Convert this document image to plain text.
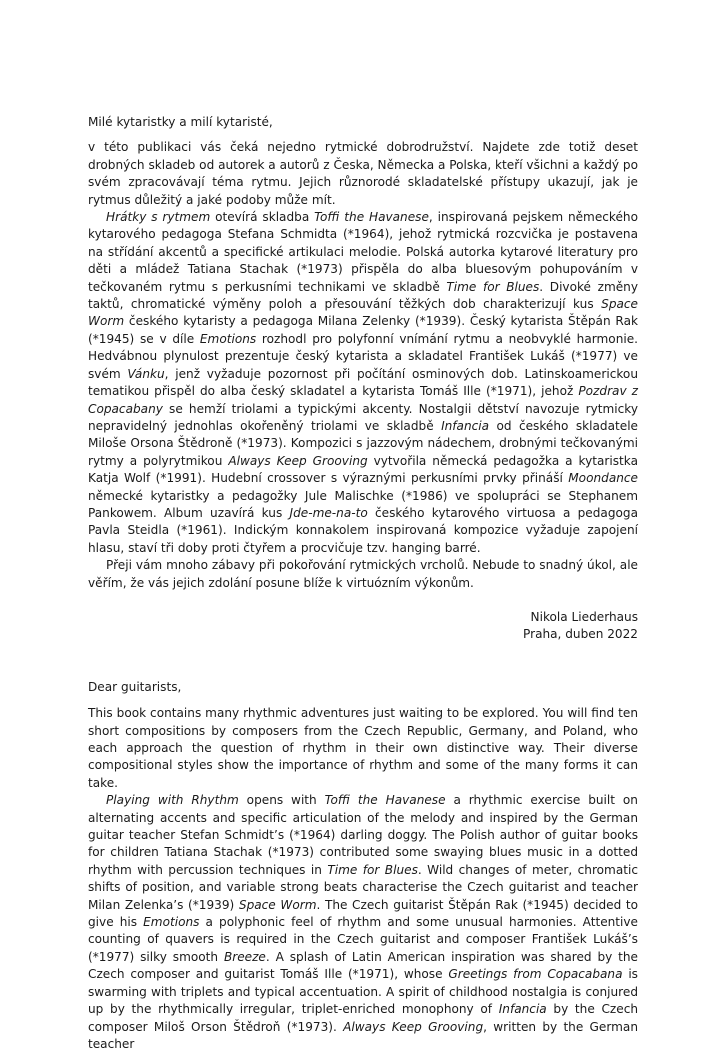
Milé kytaristky a milí kytaristé,

v této publikaci vás čeká nejedno rytmické dobrodružství. Najdete zde totiž deset drobných skladeb od autorek a autorů z Česka, Německa a Polska, kteří všichni a každý po svém zpracovávají téma rytmu. Jejich různorodé skladatelské přístupy ukazují, jak je rytmus důležitý a jaké podoby může mít.

Hrátky s rytmem otevírá skladba Toffi the Havanese, inspirovaná pejskem německého kytarového pedagoga Stefana Schmidta (*1964), jehož rytmická rozcvička je postavena na střídání akcentů a specifické artikulaci melodie. Polská autorka kytarové literatury pro děti a mládež Tatiana Stachak (*1973) přispěla do alba bluesovým pohupováním v tečkovaném rytmu s perkusními technikami ve skladbě Time for Blues. Divoké změny taktů, chromatické výměny poloh a přesouvání těžkých dob charakterizují kus Space Worm českého kytaristy a pedagoga Milana Zelenky (*1939). Český kytarista Štěpán Rak (*1945) se v díle Emotions rozhodl pro polyfonní vnímání rytmu a neobvyklé harmonie. Hedvábnou plynulost prezentuje český kytarista a skladatel František Lukáš (*1977) ve svém Vánku, jenž vyžaduje pozornost při počítání osminových dob. Latinskoamerickou tematikou přispěl do alba český skladatel a kytarista Tomáš Ille (*1971), jehož Pozdrav z Copacabany se hemží triolami a typickými akcenty. Nostalgii dětství navozuje rytmicky nepravidelný jednohlas okořeněný triolami ve skladbě Infancia od českého skladatele Miloše Orsona Štědroně (*1973). Kompozici s jazzovým nádechem, drobnými tečkovanými rytmy a polyrytmikou Always Keep Grooving vytvořila německá pedagožka a kytaristka Katja Wolf (*1991). Hudební crossover s výraznými perkusními prvky přináší Moondance německé kytaristky a pedagožky Jule Malischke (*1986) ve spolupráci se Stephanem Pankowem. Album uzavírá kus Jde-me-na-to českého kytarového virtuosa a pedagoga Pavla Steidla (*1961). Indickým konnakolem inspirovaná kompozice vyžaduje zapojení hlasu, staví tři doby proti čtyřem a procvičuje tzv. hanging barré.

Přeji vám mnoho zábavy při pokořování rytmických vrcholů. Nebude to snadný úkol, ale věřím, že vás jejich zdolání posune blíže k virtuózním výkonům.

Nikola Liederhaus

Praha, duben 2022

Dear guitarists,

This book contains many rhythmic adventures just waiting to be explored. You will find ten short compositions by composers from the Czech Republic, Germany, and Poland, who each approach the question of rhythm in their own distinctive way. Their diverse compositional styles show the importance of rhythm and some of the many forms it can take.

Playing with Rhythm opens with Toffi the Havanese a rhythmic exercise built on alternating accents and specific articulation of the melody and inspired by the German guitar teacher Stefan Schmidt’s (*1964) darling doggy. The Polish author of guitar books for children Tatiana Stachak (*1973) contributed some swaying blues music in a dotted rhythm with percussion techniques in Time for Blues. Wild changes of meter, chromatic shifts of position, and variable strong beats characterise the Czech guitarist and teacher Milan Zelenka’s (*1939) Space Worm. The Czech guitarist Štěpán Rak (*1945) decided to give his Emotions a polyphonic feel of rhythm and some unusual harmonies. Attentive counting of quavers is required in the Czech guitarist and composer František Lukáš’s (*1977) silky smooth Breeze. A splash of Latin American inspiration was shared by the Czech composer and guitarist Tomáš Ille (*1971), whose Greetings from Copacabana is swarming with triplets and typical accentuation. A spirit of childhood nostalgia is conjured up by the rhythmically irregular, triplet-enriched monophony of Infancia by the Czech composer Miloš Orson Štědroň (*1973). Always Keep Grooving, written by the German teacher
